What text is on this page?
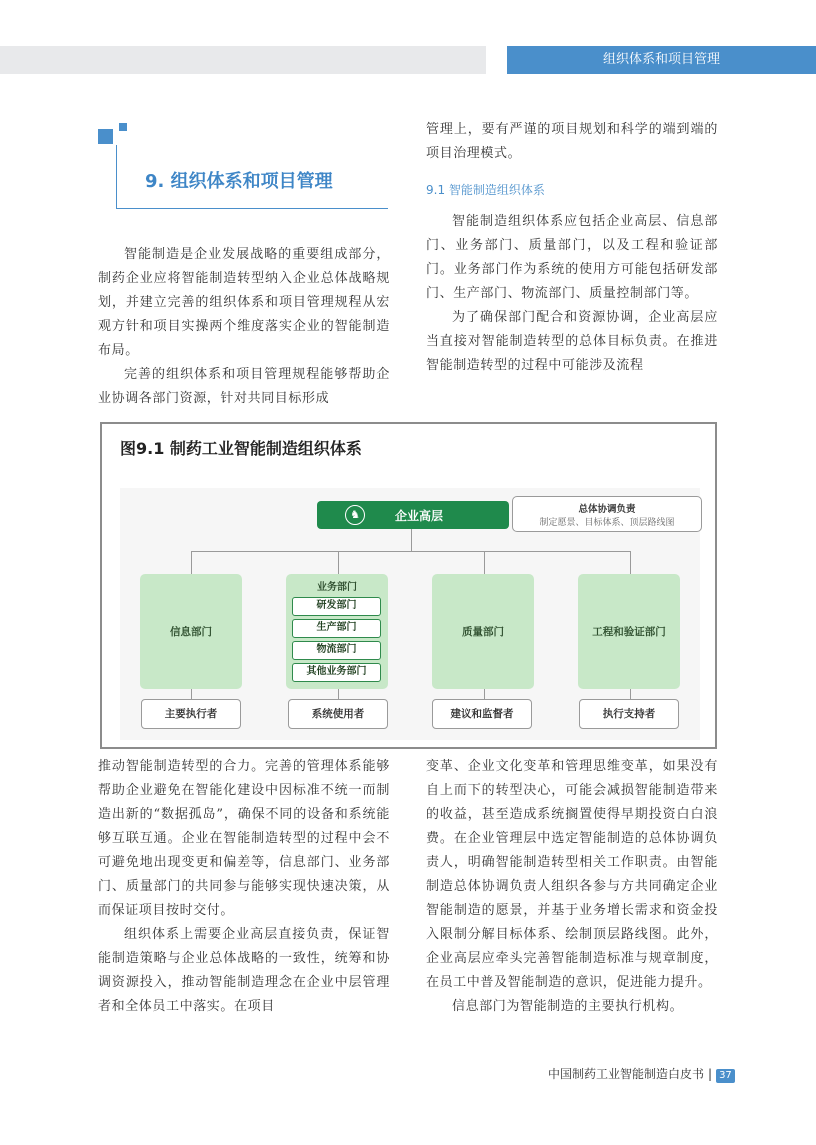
组织体系和项目管理
9. 组织体系和项目管理

智能制造是企业发展战略的重要组成部分，制药企业应将智能制造转型纳入企业总体战略规划，并建立完善的组织体系和项目管理规程从宏观方针和项目实操两个维度落实企业的智能制造布局。

完善的组织体系和项目管理规程能够帮助企业协调各部门资源，针对共同目标形成

管理上，要有严谨的项目规划和科学的端到端的项目治理模式。

9.1 智能制造组织体系

智能制造组织体系应包括企业高层、信息部门、业务部门、质量部门，以及工程和验证部门。业务部门作为系统的使用方可能包括研发部门、生产部门、物流部门、质量控制部门等。

为了确保部门配合和资源协调，企业高层应当直接对智能制造转型的总体目标负责。在推进智能制造转型的过程中可能涉及流程

图9.1 制药工业智能制造组织体系
♞	企业高层	总体协调负责
制定愿景、目标体系、顶层路线图
信息部门
业务部门
研发部门
生产部门
物流部门
其他业务部门
质量部门	工程和验证部门
主要执行者	系统使用者	建议和监督者	执行支持者

推动智能制造转型的合力。完善的管理体系能够帮助企业避免在智能化建设中因标准不统一而制造出新的“数据孤岛”，确保不同的设备和系统能够互联互通。企业在智能制造转型的过程中会不可避免地出现变更和偏差等，信息部门、业务部门、质量部门的共同参与能够实现快速决策，从而保证项目按时交付。

组织体系上需要企业高层直接负责，保证智能制造策略与企业总体战略的一致性，统筹和协调资源投入，推动智能制造理念在企业中层管理者和全体员工中落实。在项目

变革、企业文化变革和管理思维变革，如果没有自上而下的转型决心，可能会减损智能制造带来的收益，甚至造成系统搁置使得早期投资白白浪费。在企业管理层中选定智能制造的总体协调负责人，明确智能制造转型相关工作职责。由智能制造总体协调负责人组织各参与方共同确定企业智能制造的愿景，并基于业务增长需求和资金投入限制分解目标体系、绘制顶层路线图。此外，企业高层应牵头完善智能制造标准与规章制度，在员工中普及智能制造的意识，促进能力提升。

信息部门为智能制造的主要执行机构。

中国制药工业智能制造白皮书 | 37
